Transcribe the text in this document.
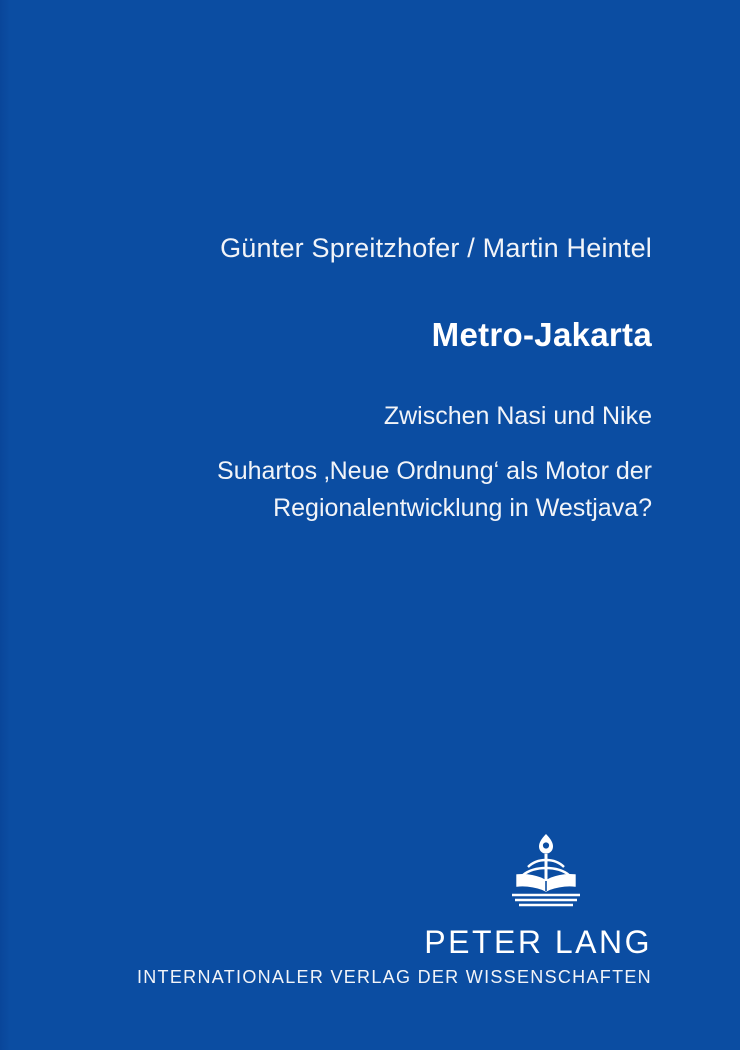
Günter Spreitzhofer / Martin Heintel
Metro-Jakarta
Zwischen Nasi und Nike
Suhartos ‚Neue Ordnung‘ als Motor der Regionalentwicklung in Westjava?
PETER LANG
INTERNATIONALER VERLAG DER WISSENSCHAFTEN
